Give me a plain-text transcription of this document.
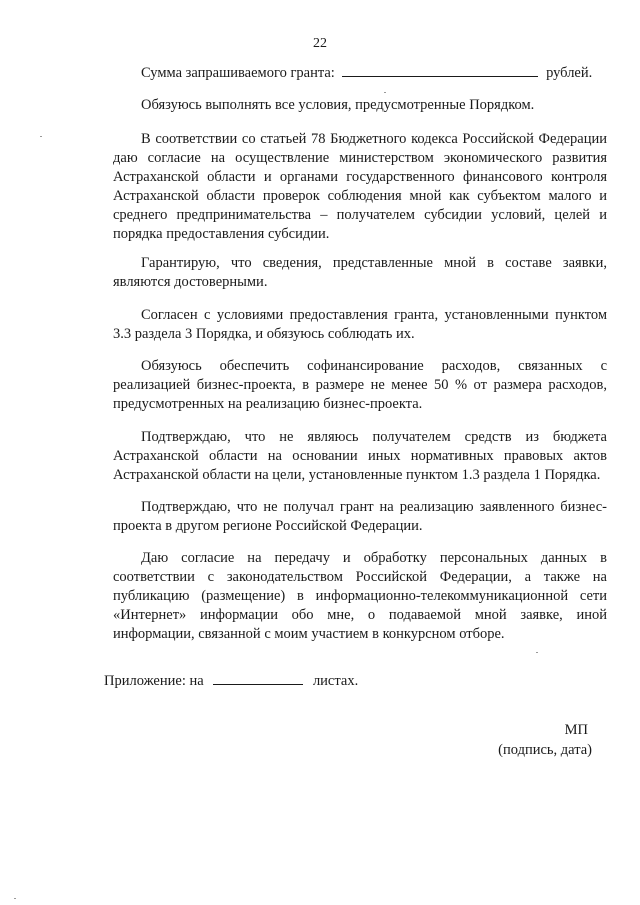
22
Сумма запрашиваемого гранта:	рублей.
Обязуюсь выполнять все условия, предусмотренные Порядком.
В соответствии со статьей 78 Бюджетного кодекса Российской Федерации даю согласие на осуществление министерством экономического развития Астраханской области и органами государственного финансового контроля Астраханской области проверок соблюдения мной как субъектом малого и среднего предпринимательства – получателем субсидии условий, целей и порядка предоставления субсидии.
Гарантирую, что сведения, представленные мной в составе заявки, являются достоверными.
Согласен с условиями предоставления гранта, установленными пунктом 3.3 раздела 3 Порядка, и обязуюсь соблюдать их.
Обязуюсь обеспечить софинансирование расходов, связанных с реализацией бизнес-проекта, в размере не менее 50 % от размера расходов, предусмотренных на реализацию бизнес-проекта.
Подтверждаю, что не являюсь получателем средств из бюджета Астраханской области на основании иных нормативных правовых актов Астраханской области на цели, установленные пунктом 1.3 раздела 1 Порядка.
Подтверждаю, что не получал грант на реализацию заявленного бизнес-проекта в другом регионе Российской Федерации.
Даю согласие на передачу и обработку персональных данных в соответствии с законодательством Российской Федерации, а также на публикацию (размещение) в информационно-телекоммуникационной сети «Интернет» информации обо мне, о подаваемой мной заявке, иной информации, связанной с моим участием в конкурсном отборе.
Приложение: на	листах.
МП
(подпись, дата)
